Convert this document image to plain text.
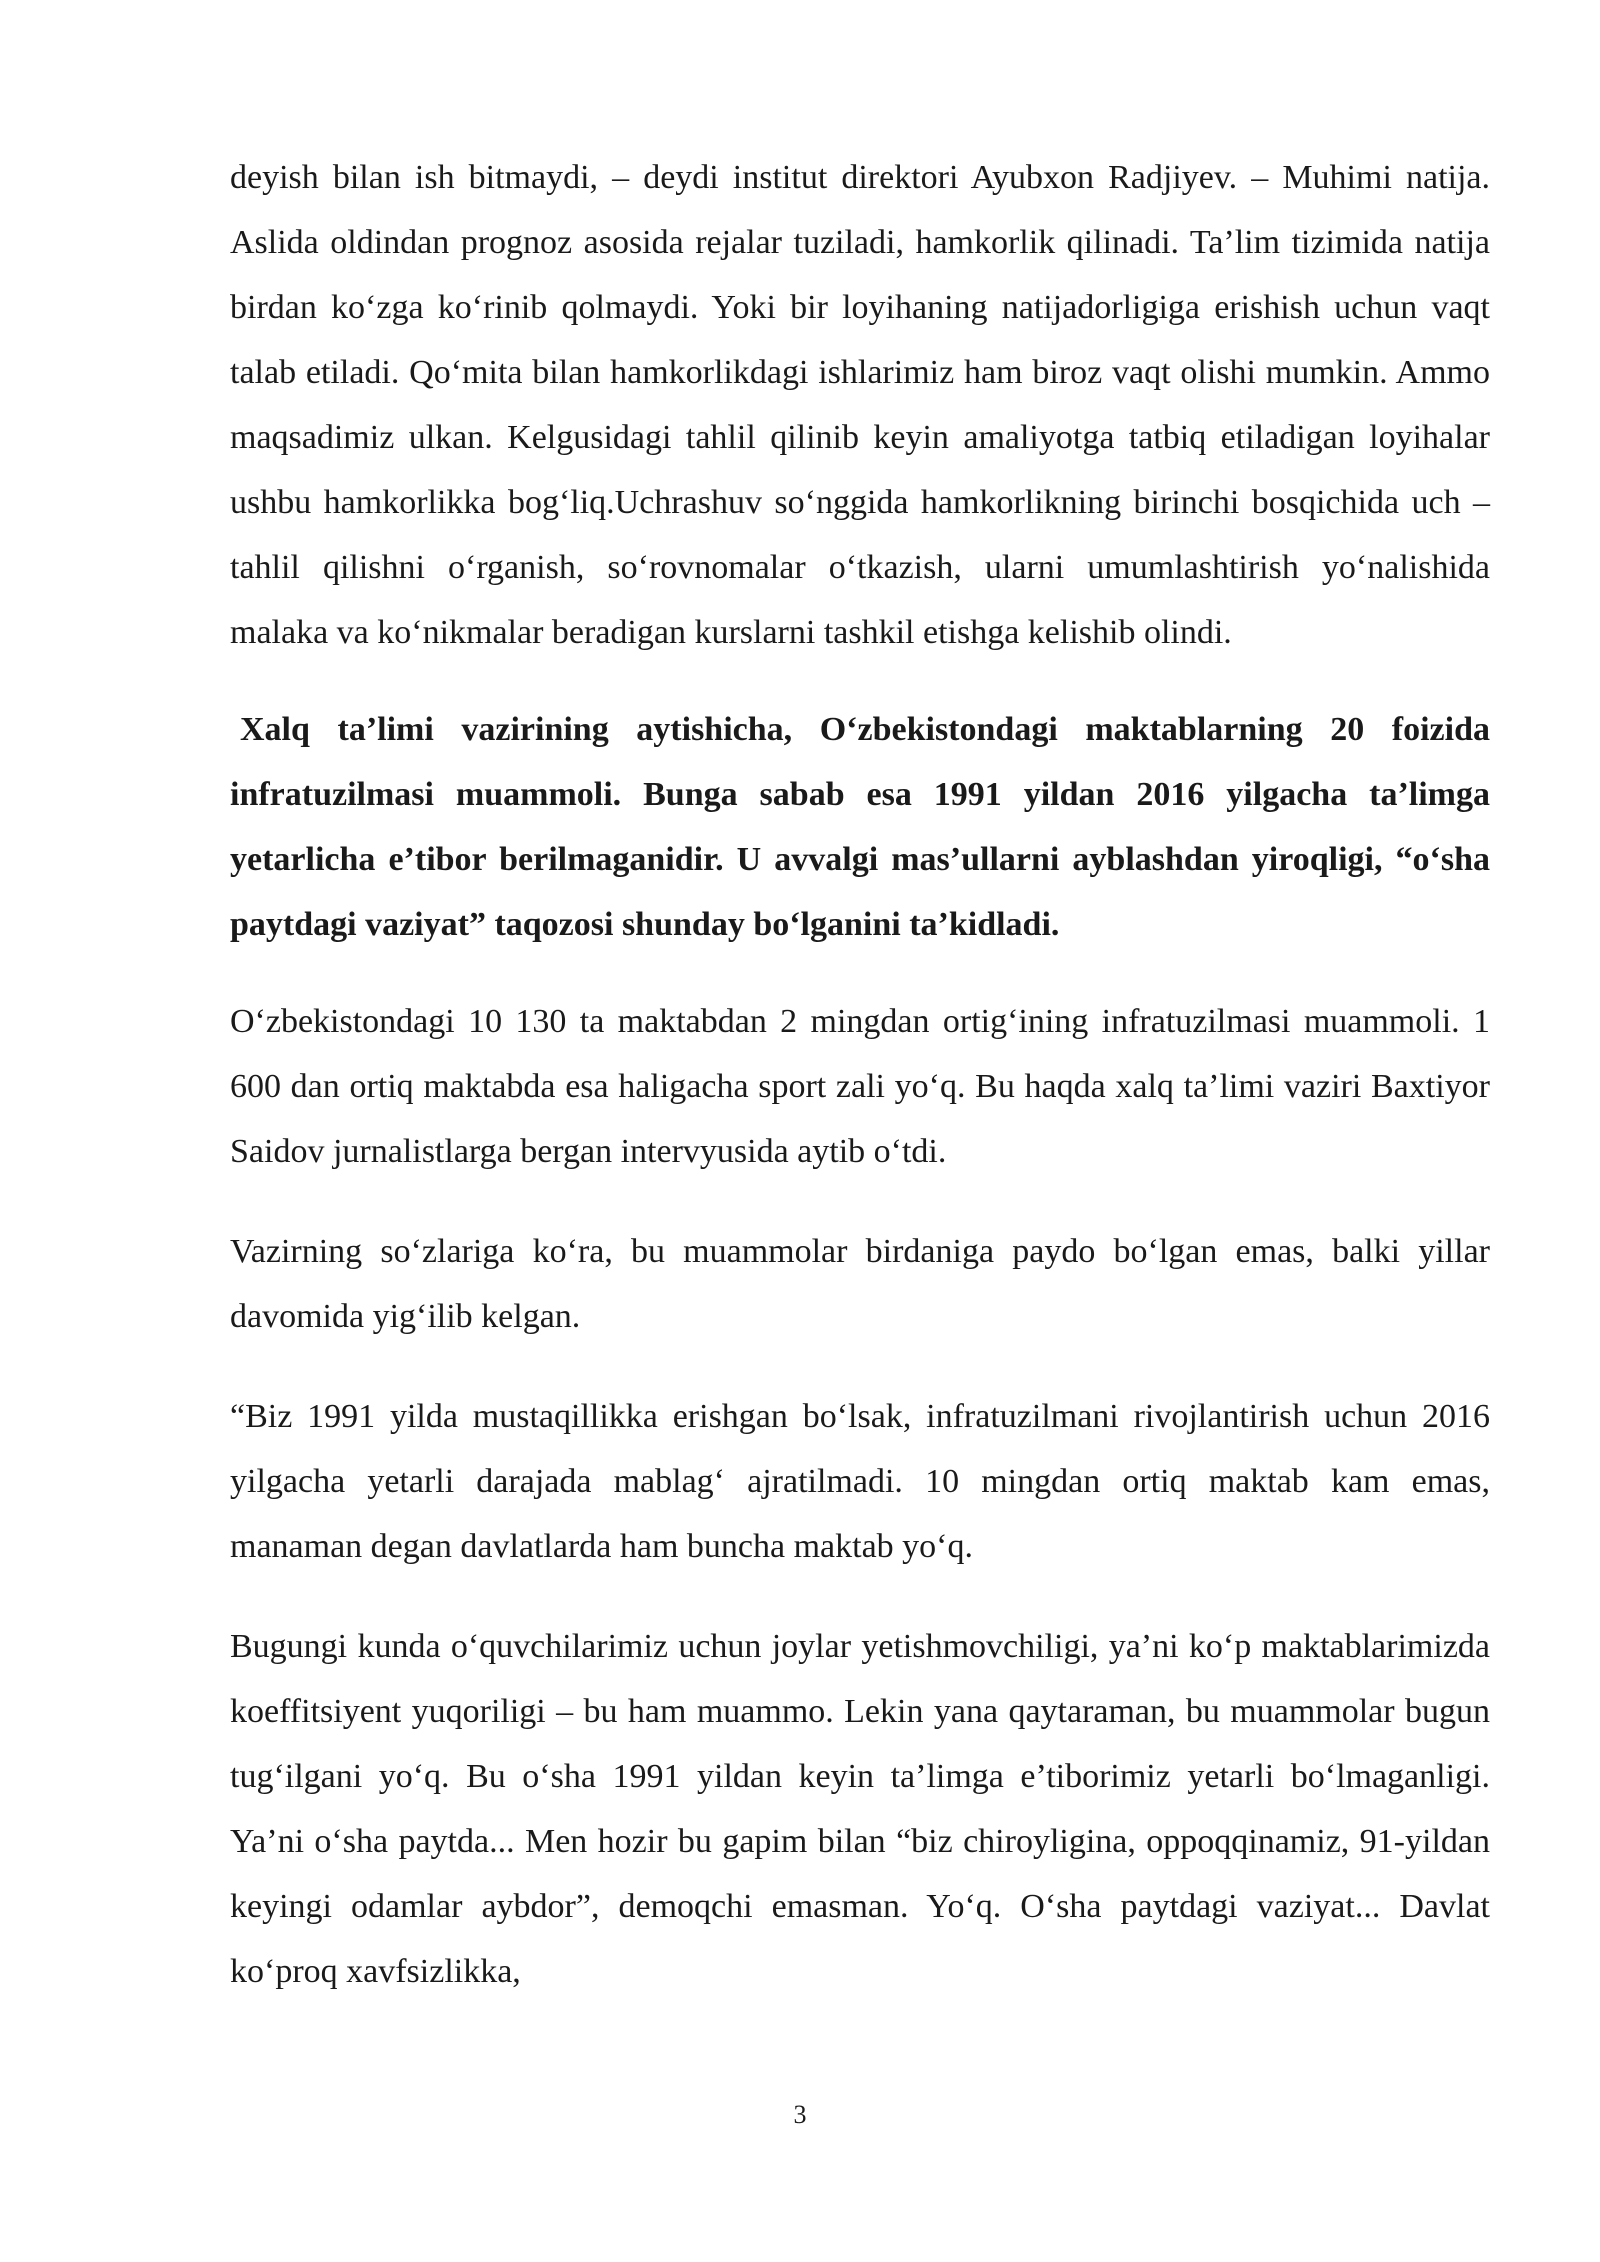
deyish bilan ish bitmaydi, – deydi institut direktori Ayubxon Radjiyev. – Muhimi natija. Aslida oldindan prognoz asosida rejalar tuziladi, hamkorlik qilinadi. Ta’lim tizimida natija birdan ko‘zga ko‘rinib qolmaydi. Yoki bir loyihaning natijadorligiga erishish uchun vaqt talab etiladi. Qo‘mita bilan hamkorlikdagi ishlarimiz ham biroz vaqt olishi mumkin. Ammo maqsadimiz ulkan. Kelgusidagi tahlil qilinib keyin amaliyotga tatbiq etiladigan loyihalar ushbu hamkorlikka bog‘liq.Uchrashuv so‘nggida hamkorlikning birinchi bosqichida uch – tahlil qilishni o‘rganish, so‘rovnomalar o‘tkazish, ularni umumlashtirish yo‘nalishida malaka va ko‘nikmalar beradigan kurslarni tashkil etishga kelishib olindi.

Xalq ta’limi vazirining aytishicha, O‘zbekistondagi maktablarning 20 foizida infratuzilmasi muammoli. Bunga sabab esa 1991 yildan 2016 yilgacha ta’limga yetarlicha e’tibor berilmaganidir. U avvalgi mas’ullarni ayblashdan yiroqligi, “o‘sha paytdagi vaziyat” taqozosi shunday bo‘lganini ta’kidladi.

O‘zbekistondagi 10 130 ta maktabdan 2 mingdan ortig‘ining infratuzilmasi muammoli. 1 600 dan ortiq maktabda esa haligacha sport zali yo‘q. Bu haqda xalq ta’limi vaziri Baxtiyor Saidov jurnalistlarga bergan intervyusida aytib o‘tdi.

Vazirning so‘zlariga ko‘ra, bu muammolar birdaniga paydo bo‘lgan emas, balki yillar davomida yig‘ilib kelgan.

“Biz 1991 yilda mustaqillikka erishgan bo‘lsak, infratuzilmani rivojlantirish uchun 2016 yilgacha yetarli darajada mablag‘ ajratilmadi. 10 mingdan ortiq maktab kam emas, manaman degan davlatlarda ham buncha maktab yo‘q.

Bugungi kunda o‘quvchilarimiz uchun joylar yetishmovchiligi, ya’ni ko‘p maktablarimizda koeffitsiyent yuqoriligi – bu ham muammo. Lekin yana qaytaraman, bu muammolar bugun tug‘ilgani yo‘q. Bu o‘sha 1991 yildan keyin ta’limga e’tiborimiz yetarli bo‘lmaganligi. Ya’ni o‘sha paytda... Men hozir bu gapim bilan “biz chiroyligina, oppoqqinamiz, 91-yildan keyingi odamlar aybdor”, demoqchi emasman. Yo‘q. O‘sha paytdagi vaziyat... Davlat ko‘proq xavfsizlikka,

3
